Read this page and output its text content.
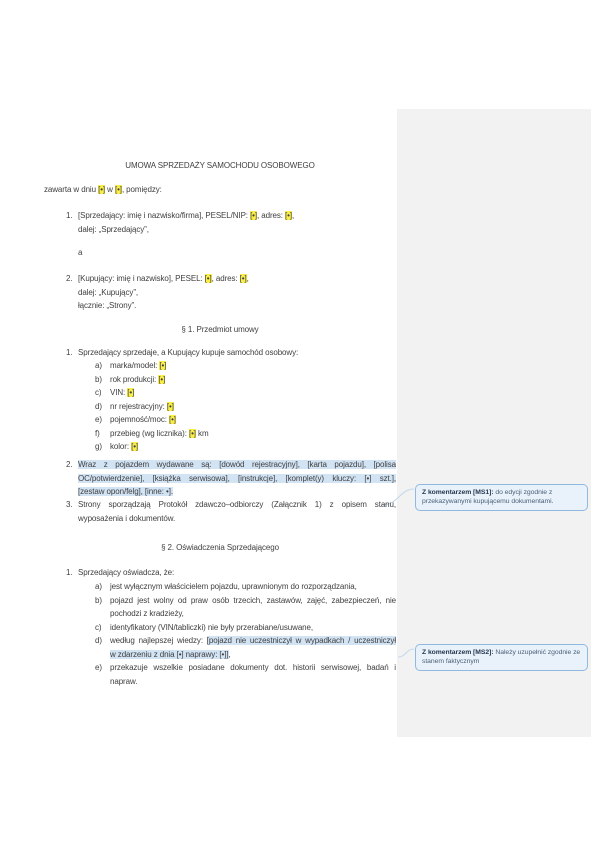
UMOWA SPRZEDAŻY SAMOCHODU OSOBOWEGO
zawarta w dniu [•] w [•], pomiędzy:
1. [Sprzedający: imię i nazwisko/firma], PESEL/NIP: [•], adres: [•],
dalej: „Sprzedający”,
a
2. [Kupujący: imię i nazwisko], PESEL: [•], adres: [•],
dalej: „Kupujący”,
łącznie: „Strony”.
§ 1. Przedmiot umowy
1. Sprzedający sprzedaje, a Kupujący kupuje samochód osobowy:
a) marka/model: [•]
b) rok produkcji: [•]
c) VIN: [•]
d) nr rejestracyjny: [•]
e) pojemność/moc: [•]
f) przebieg (wg licznika): [•] km
g) kolor: [•]
2. Wraz z pojazdem wydawane są: [dowód rejestracyjny], [karta pojazdu], [polisa
OC/potwierdzenie], [książka serwisowa], [instrukcje], [komplet(y) kluczy: [•] szt.],
[zestaw opon/felg], [inne: •].
3. Strony sporządzają Protokół zdawczo–odbiorczy (Załącznik 1) z opisem stanu,
wyposażenia i dokumentów.
§ 2. Oświadczenia Sprzedającego
1. Sprzedający oświadcza, że:
a) jest wyłącznym właścicielem pojazdu, uprawnionym do rozporządzania,
b) pojazd jest wolny od praw osób trzecich, zastawów, zajęć, zabezpieczeń, nie
pochodzi z kradzieży,
c) identyfikatory (VIN/tabliczki) nie były przerabiane/usuwane,
d) według najlepszej wiedzy: [pojazd nie uczestniczył w wypadkach / uczestniczył
w zdarzeniu z dnia [•] naprawy: [•]],
e) przekazuje wszelkie posiadane dokumenty dot. historii serwisowej, badań i
napraw.
Z komentarzem [MS1]: do edycji zgodnie z przekazywanymi kupującemu dokumentami.
Z komentarzem [MS2]: Należy uzupełnić zgodnie ze stanem faktycznym
